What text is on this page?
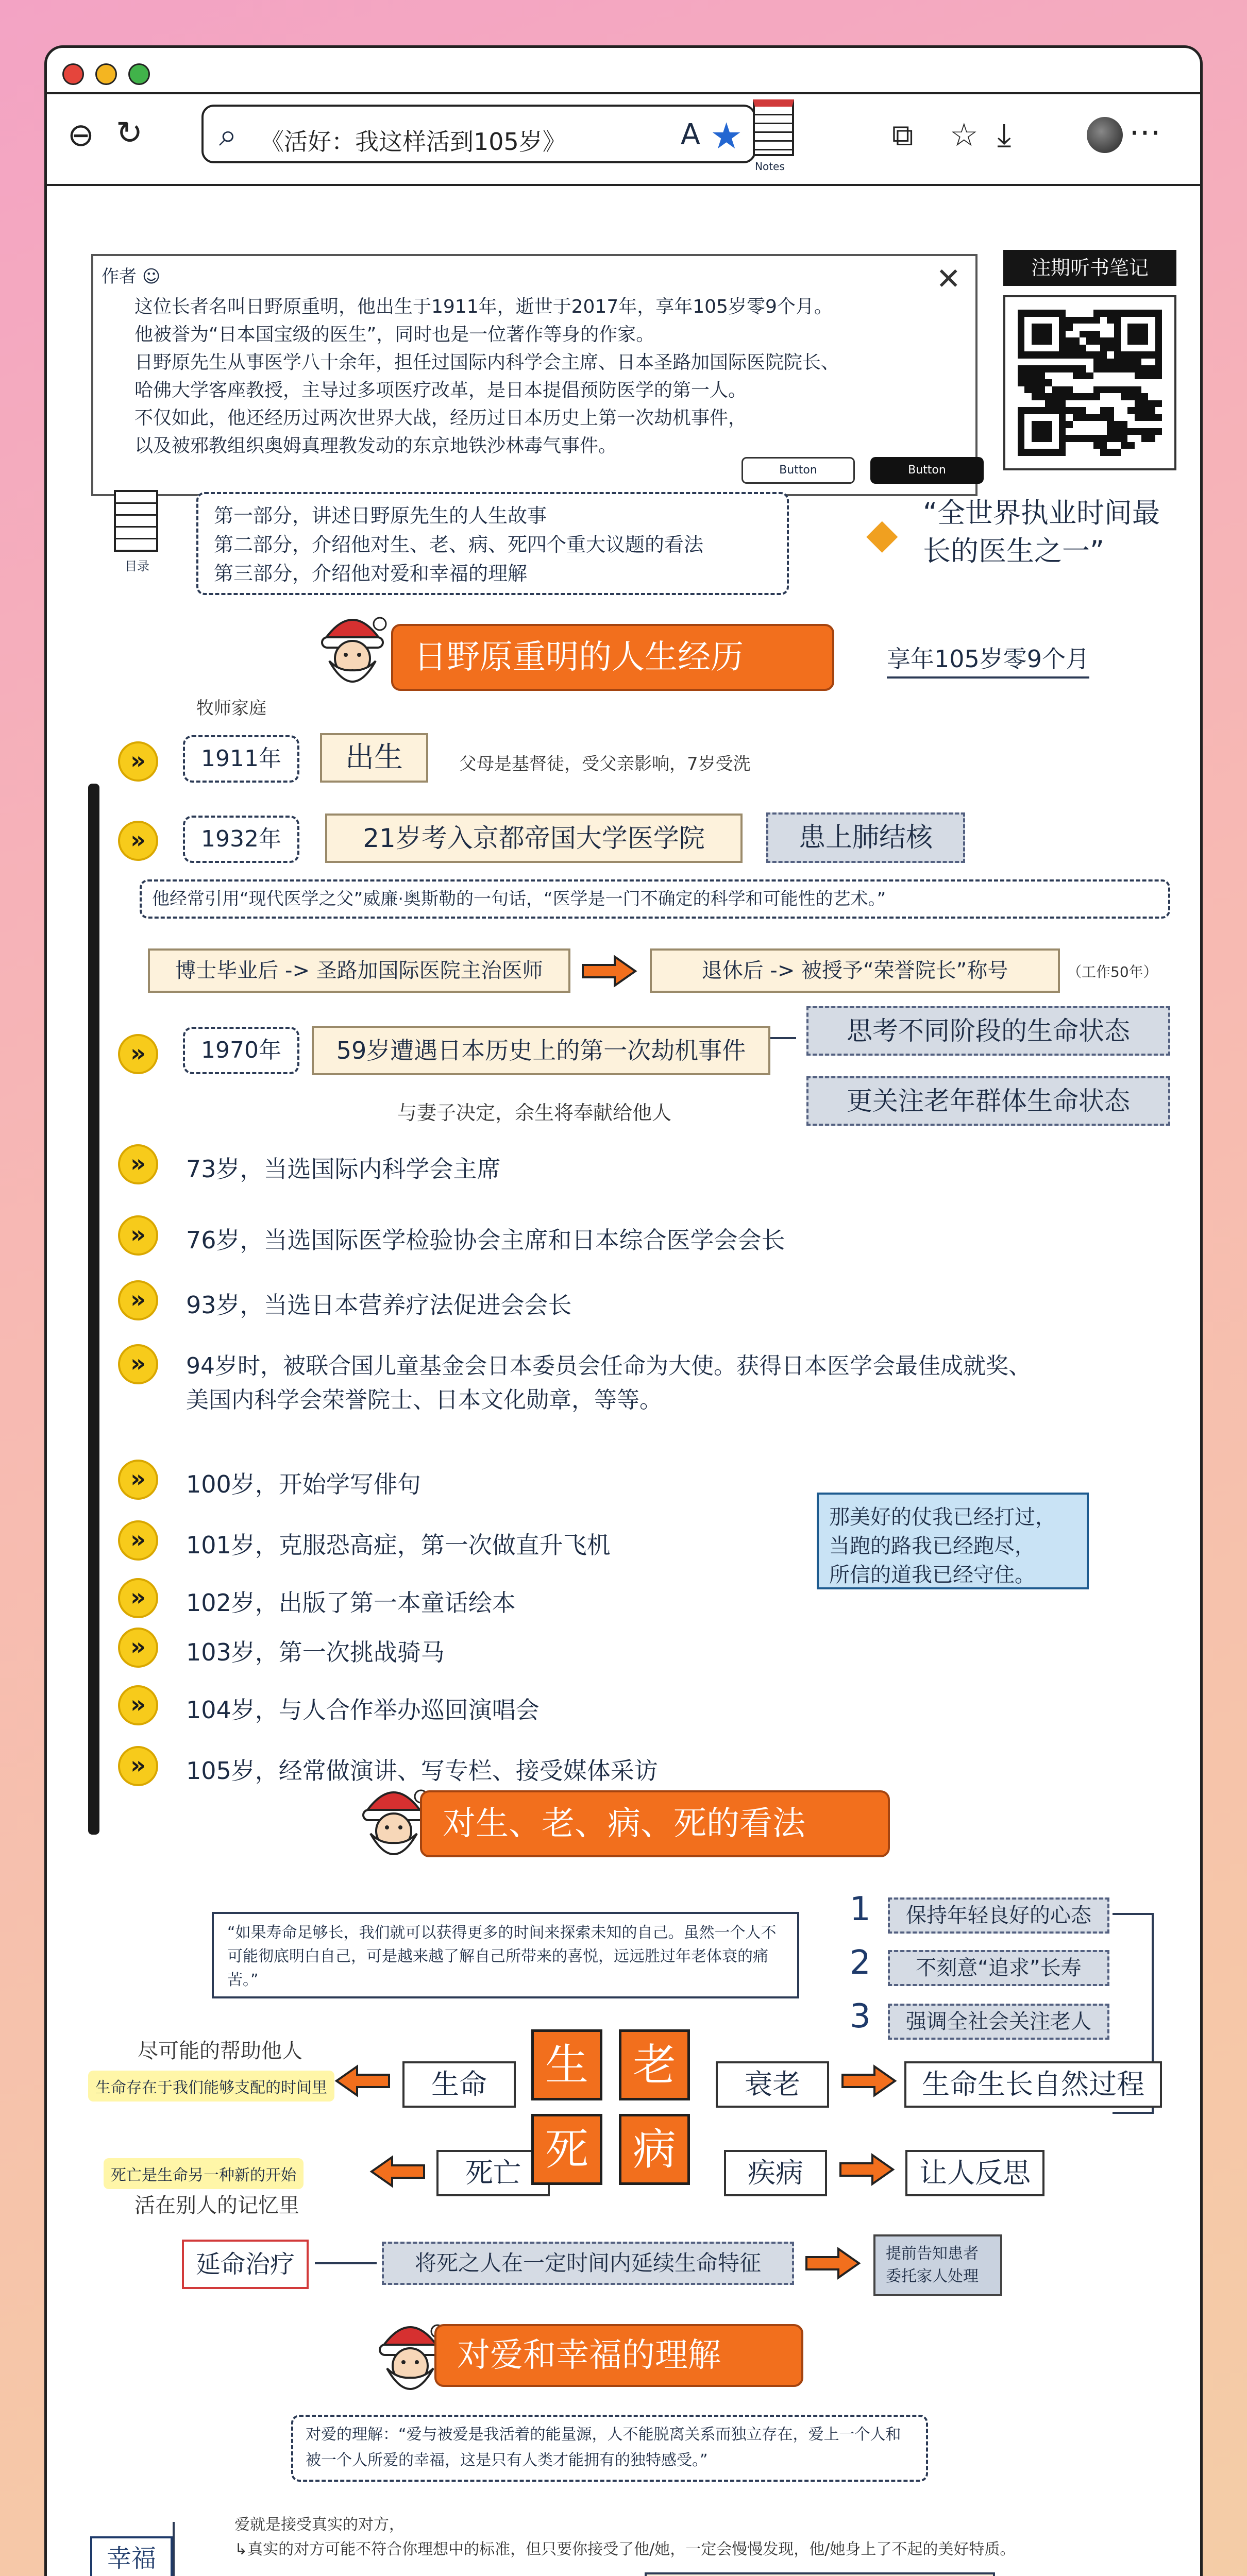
⊖ ↻	⧉ ☆ ⤓	⋯
⌕ 《活好：我这样活到105岁》	A ★
Notes
作者 ☺	✕
这位长者名叫日野原重明，他出生于1911年，逝世于2017年，享年105岁零9个月。
他被誉为“日本国宝级的医生”，同时也是一位著作等身的作家。
日野原先生从事医学八十余年，担任过国际内科学会主席、日本圣路加国际医院院长、
哈佛大学客座教授，主导过多项医疗改革，是日本提倡预防医学的第一人。
不仅如此，他还经历过两次世界大战，经历过日本历史上第一次劫机事件，
以及被邪教组织奥姆真理教发动的东京地铁沙林毒气事件。
Button	Button
注期听书笔记
目录
第一部分，讲述日野原先生的人生故事
第二部分，介绍他对生、老、病、死四个重大议题的看法
第三部分，介绍他对爱和幸福的理解
◆ “全世界执业时间最长的医生之一”
日野原重明的人生经历	享年105岁零9个月
牧师家庭
»	1911年	出生	父母是基督徒，受父亲影响，7岁受洗
»	1932年	21岁考入京都帝国大学医学院	患上肺结核
他经常引用“现代医学之父”威廉·奥斯勒的一句话，“医学是一门不确定的科学和可能性的艺术。”
博士毕业后 -> 圣路加国际医院主治医师	退休后 -> 被授予“荣誉院长”称号	（工作50年）
»	1970年	59岁遭遇日本历史上的第一次劫机事件
思考不同阶段的生命状态
更关注老年群体生命状态
与妻子决定，余生将奉献给他人
»	73岁，当选国际内科学会主席
»	76岁，当选国际医学检验协会主席和日本综合医学会会长
»	93岁，当选日本营养疗法促进会会长
»	94岁时，被联合国儿童基金会日本委员会任命为大使。获得日本医学会最佳成就奖、
美国内科学会荣誉院士、日本文化勋章，等等。
»	100岁，开始学写俳句
»	101岁，克服恐高症，第一次做直升飞机
»	102岁，出版了第一本童话绘本
»	103岁，第一次挑战骑马
»	104岁，与人合作举办巡回演唱会
»	105岁，经常做演讲、写专栏、接受媒体采访
那美好的仗我已经打过，
当跑的路我已经跑尽，
所信的道我已经守住。
对生、老、病、死的看法
“如果寿命足够长，我们就可以获得更多的时间来探索未知的自己。虽然一个人不可能彻底明白自己，可是越来越了解自己所带来的喜悦，远远胜过年老体衰的痛苦。”
1	保持年轻良好的心态
2	不刻意“追求”长寿
3	强调全社会关注老人
尽可能的帮助他人
生命存在于我们能够支配的时间里	生命	生	老	衰老	生命生长自然过程
死亡是生命另一种新的开始
活在别人的记忆里
死亡 死	病	疾病	让人反思
延命治疗	将死之人在一定时间内延续生命特征	提前告知患者委托家人处理
对爱和幸福的理解
对爱的理解：“爱与被爱是我活着的能量源，人不能脱离关系而独立存在，爱上一个人和被一个人所爱的幸福，这是只有人类才能拥有的独特感受。”
幸福
爱就是接受真实的对方，
↳真实的对方可能不符合你理想中的标准，但只要你接受了他/她，一定会慢慢发现，他/她身上了不起的美好特质。
